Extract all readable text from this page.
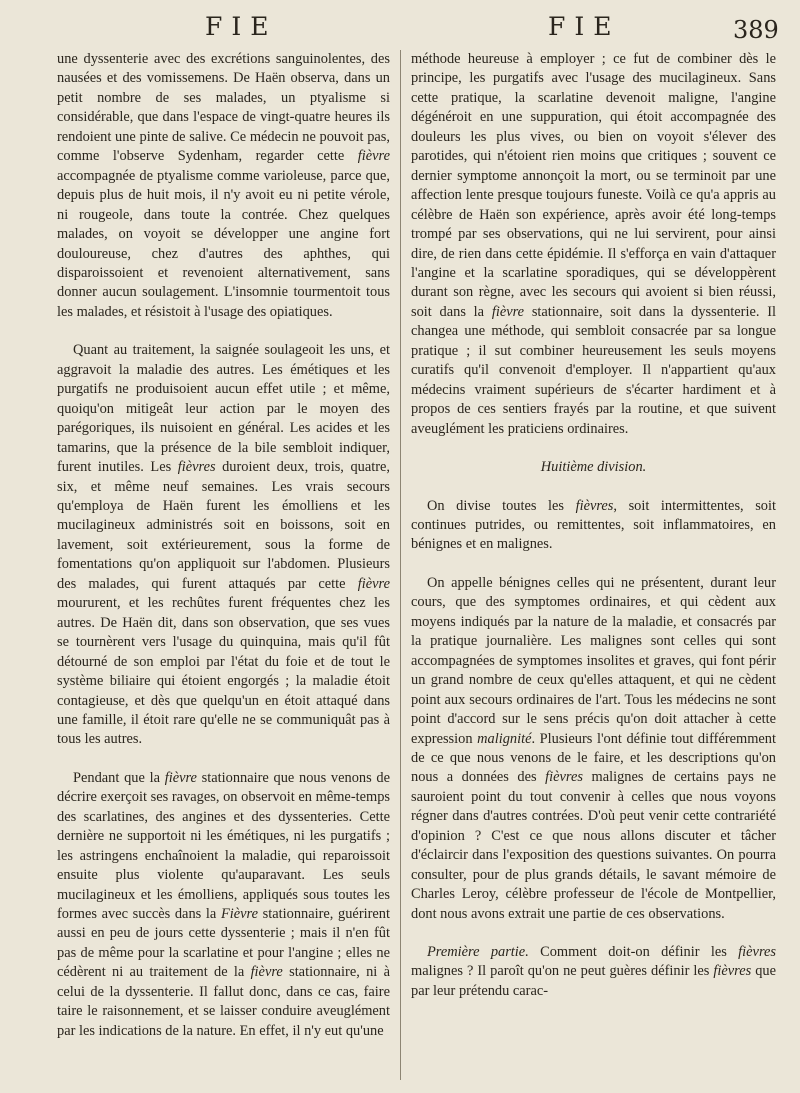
FIE	FIE	389

une dyssenterie avec des excrétions sanguinolentes, des nausées et des vomissemens. De Haën observa, dans un petit nombre de ses malades, un ptyalisme si considérable, que dans l'espace de vingt-quatre heures ils rendoient une pinte de salive. Ce médecin ne pouvoit pas, comme l'observe Sydenham, regarder cette fièvre accompagnée de ptyalisme comme varioleuse, parce que, depuis plus de huit mois, il n'y avoit eu ni petite vérole, ni rougeole, dans toute la contrée. Chez quelques malades, on voyoit se développer une angine fort douloureuse, chez d'autres des aphthes, qui disparoissoient et revenoient alternativement, sans donner aucun soulagement. L'insomnie tourmentoit tous les malades, et résistoit à l'usage des opiatiques.

Quant au traitement, la saignée soulageoit les uns, et aggravoit la maladie des autres. Les émétiques et les purgatifs ne produisoient aucun effet utile ; et même, quoiqu'on mitigeât leur action par le moyen des parégoriques, ils nuisoient en général. Les acides et les tamarins, que la présence de la bile sembloit indiquer, furent inutiles. Les fièvres duroient deux, trois, quatre, six, et même neuf semaines. Les vrais secours qu'employa de Haën furent les émolliens et les mucilagineux administrés soit en boissons, soit en lavement, soit extérieurement, sous la forme de fomentations qu'on appliquoit sur l'abdomen. Plusieurs des malades, qui furent attaqués par cette fièvre moururent, et les rechûtes furent fréquentes chez les autres. De Haën dit, dans son observation, que ses vues se tournèrent vers l'usage du quinquina, mais qu'il fût détourné de son emploi par l'état du foie et de tout le système biliaire qui étoient engorgés ; la maladie étoit contagieuse, et dès que quelqu'un en étoit attaqué dans une famille, il étoit rare qu'elle ne se communiquât pas à tous les autres.

Pendant que la fièvre stationnaire que nous venons de décrire exerçoit ses ravages, on observoit en même-temps des scarlatines, des angines et des dyssenteries. Cette dernière ne supportoit ni les émétiques, ni les purgatifs ; les astringens enchaînoient la maladie, qui reparoissoit ensuite plus violente qu'auparavant. Les seuls mucilagineux et les émolliens, appliqués sous toutes les formes avec succès dans la Fièvre stationnaire, guérirent aussi en peu de jours cette dyssenterie ; mais il n'en fût pas de même pour la scarlatine et pour l'angine ; elles ne cédèrent ni au traitement de la fièvre stationnaire, ni à celui de la dyssenterie. Il fallut donc, dans ce cas, faire taire le raisonnement, et se laisser conduire aveuglément par les indications de la nature. En effet, il n'y eut qu'une

méthode heureuse à employer ; ce fut de combiner dès le principe, les purgatifs avec l'usage des mucilagineux. Sans cette pratique, la scarlatine devenoit maligne, l'angine dégénéroit en une suppuration, qui étoit accompagnée des douleurs les plus vives, ou bien on voyoit s'élever des parotides, qui n'étoient rien moins que critiques ; souvent ce dernier symptome annonçoit la mort, ou se terminoit par une affection lente presque toujours funeste. Voilà ce qu'a appris au célèbre de Haën son expérience, après avoir été long-temps trompé par ses observations, qui ne lui servirent, pour ainsi dire, de rien dans cette épidémie. Il s'efforça en vain d'attaquer l'angine et la scarlatine sporadiques, qui se développèrent durant son règne, avec les secours qui avoient si bien réussi, soit dans la fièvre stationnaire, soit dans la dyssenterie. Il changea une méthode, qui sembloit consacrée par sa longue pratique ; il sut combiner heureusement les seuls moyens curatifs qu'il convenoit d'employer. Il n'appartient qu'aux médecins vraiment supérieurs de s'écarter hardiment et à propos de ces sentiers frayés par la routine, et que suivent aveuglément les praticiens ordinaires.

Huitième division.

On divise toutes les fièvres, soit intermittentes, soit continues putrides, ou remittentes, soit inflammatoires, en bénignes et en malignes.

On appelle bénignes celles qui ne présentent, durant leur cours, que des symptomes ordinaires, et qui cèdent aux moyens indiqués par la nature de la maladie, et consacrés par la pratique journalière. Les malignes sont celles qui sont accompagnées de symptomes insolites et graves, qui font périr un grand nombre de ceux qu'elles attaquent, et qui ne cèdent point aux secours ordinaires de l'art. Tous les médecins ne sont point d'accord sur le sens précis qu'on doit attacher à cette expression malignité. Plusieurs l'ont définie tout différemment de ce que nous venons de le faire, et les descriptions qu'on nous a données des fièvres malignes de certains pays ne sauroient point du tout convenir à celles que nous voyons régner dans d'autres contrées. D'où peut venir cette contrariété d'opinion ? C'est ce que nous allons discuter et tâcher d'éclaircir dans l'exposition des questions suivantes. On pourra consulter, pour de plus grands détails, le savant mémoire de Charles Leroy, célèbre professeur de l'école de Montpellier, dont nous avons extrait une partie de ces observations.

Première partie. Comment doit-on définir les fièvres malignes ? Il paroît qu'on ne peut guères définir les fièvres que par leur prétendu carac-
